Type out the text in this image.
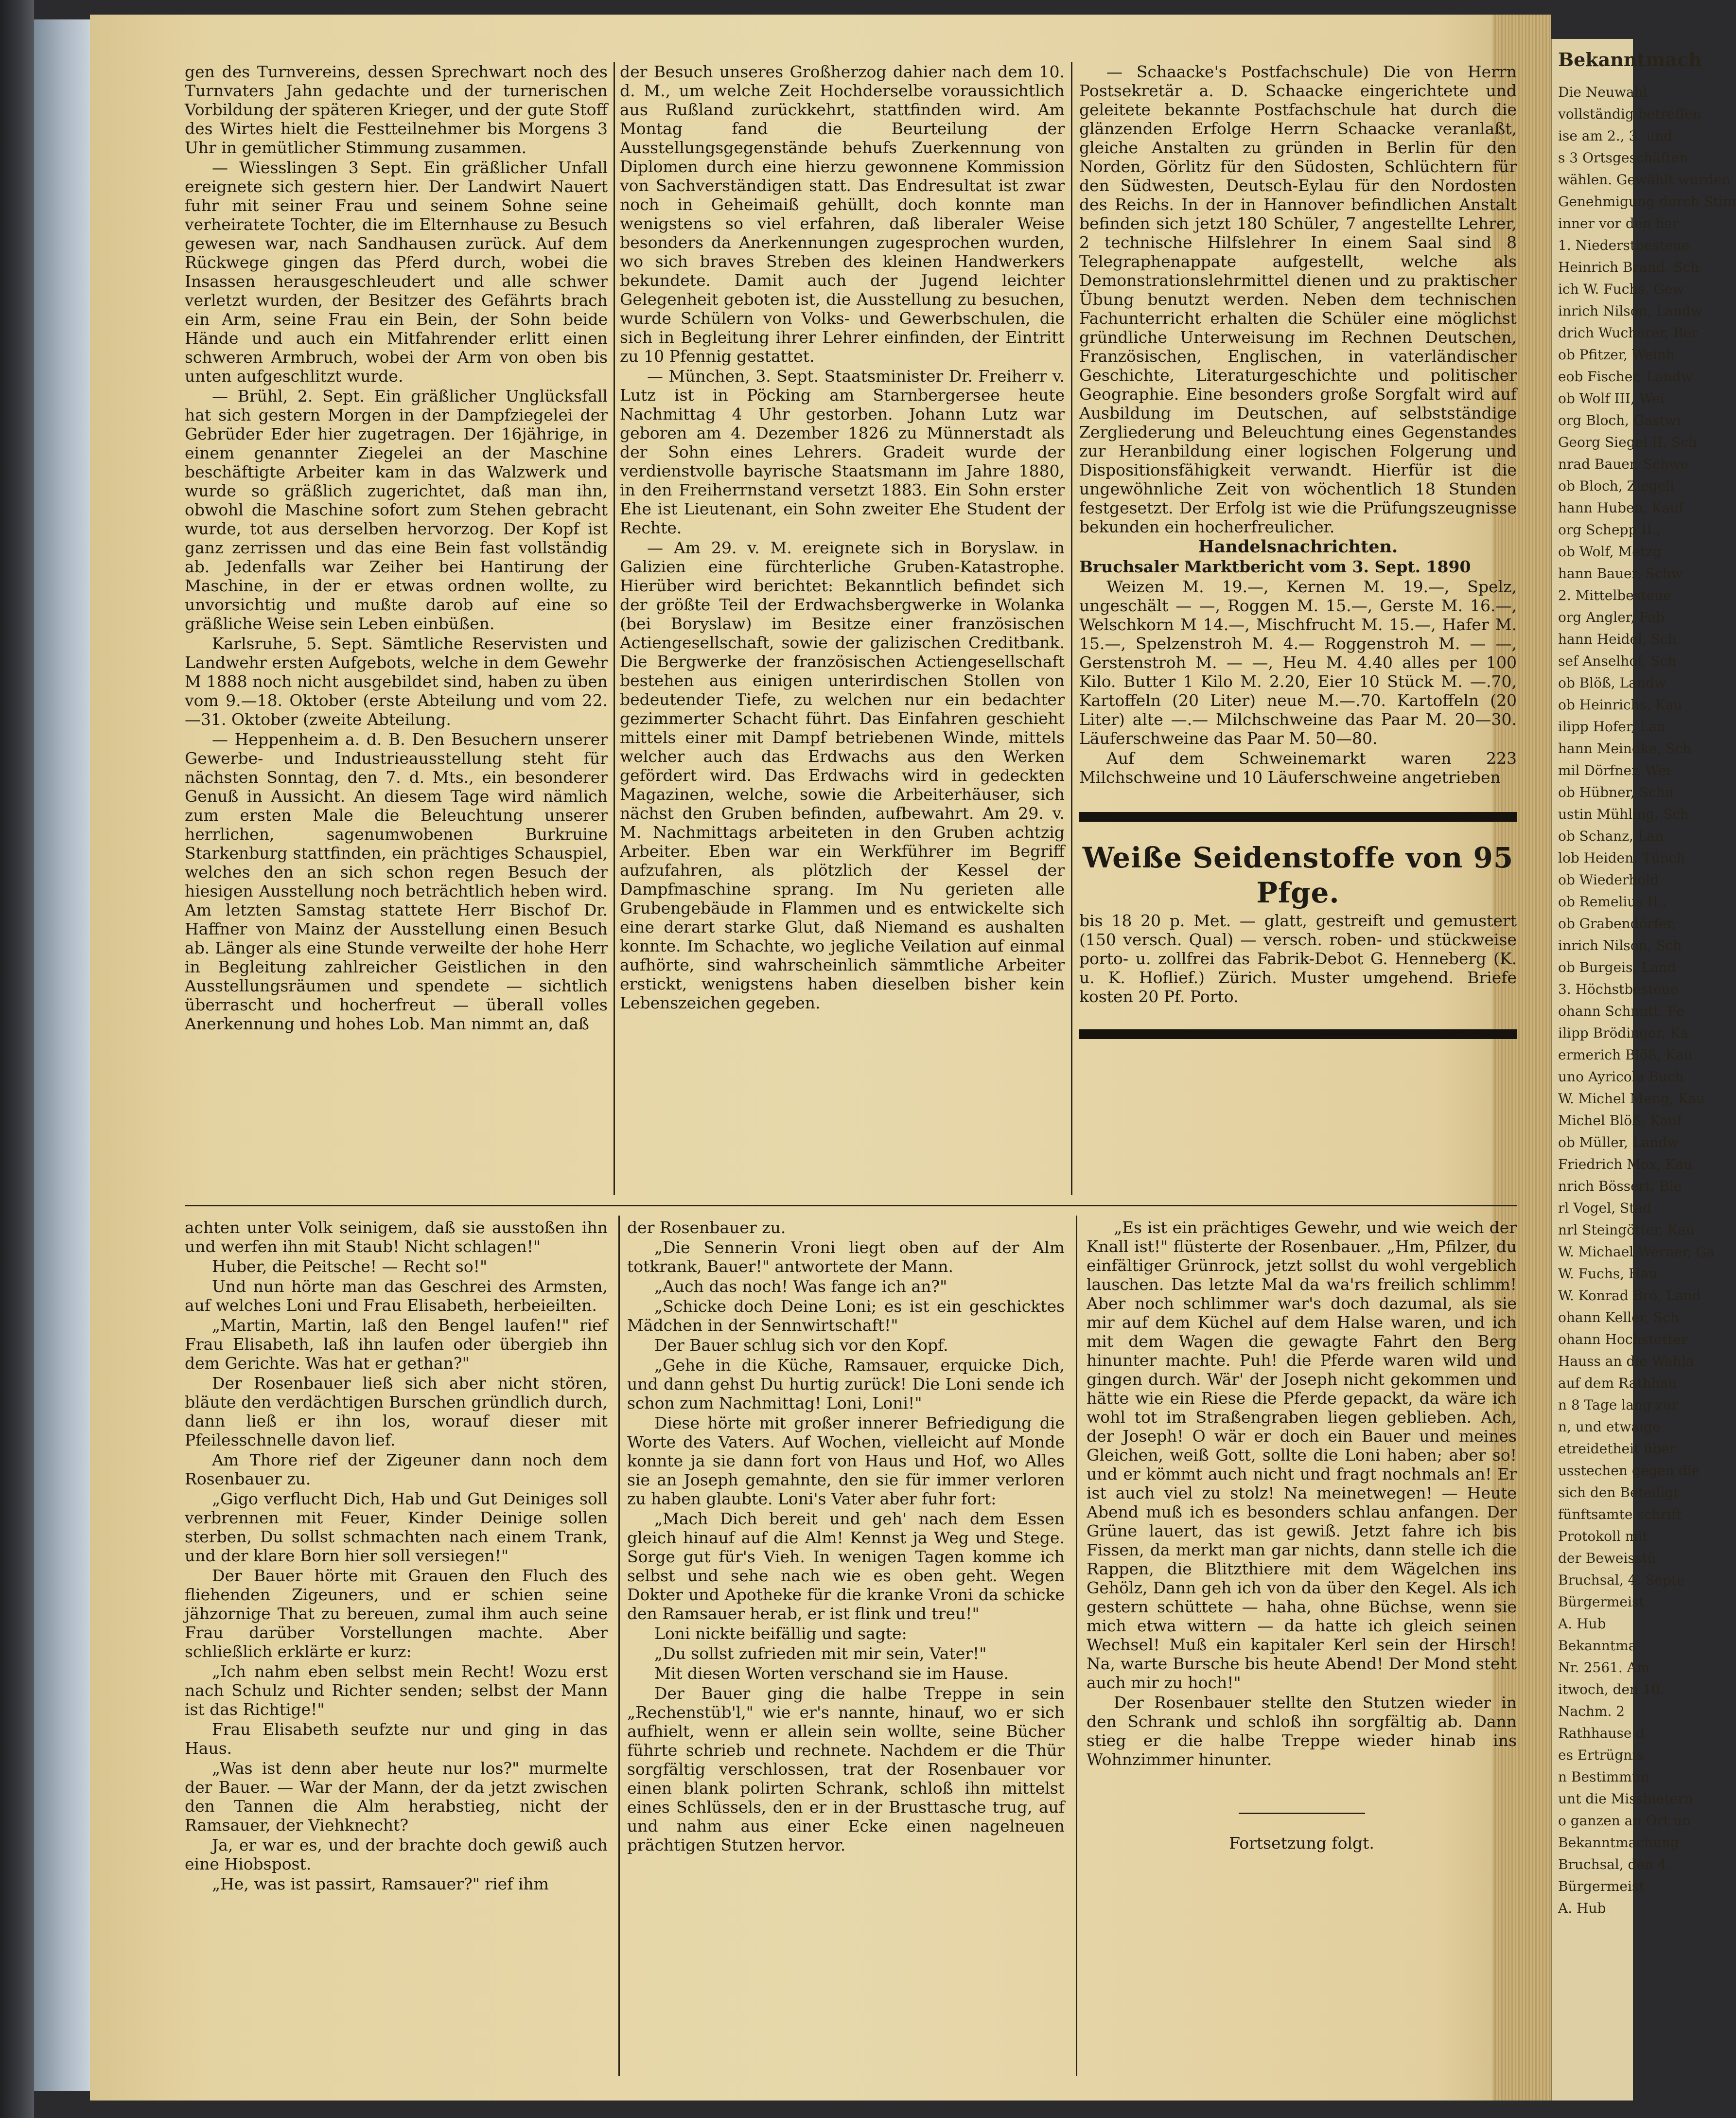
gen des Turnvereins, dessen Sprechwart noch des Turnvaters Jahn gedachte und der turnerischen Vorbildung der späteren Krieger, und der gute Stoff des Wirtes hielt die Festteilnehmer bis Morgens 3 Uhr in gemütlicher Stimmung zusammen.

— Wiesslingen 3 Sept. Ein gräßlicher Unfall ereignete sich gestern hier. Der Landwirt Nauert fuhr mit seiner Frau und seinem Sohne seine verheiratete Tochter, die im Elternhause zu Besuch gewesen war, nach Sandhausen zurück. Auf dem Rückwege gingen das Pferd durch, wobei die Insassen herausgeschleudert und alle schwer verletzt wurden, der Besitzer des Gefährts brach ein Arm, seine Frau ein Bein, der Sohn beide Hände und auch ein Mitfahrender erlitt einen schweren Armbruch, wobei der Arm von oben bis unten aufgeschlitzt wurde.

— Brühl, 2. Sept. Ein gräßlicher Unglücksfall hat sich gestern Morgen in der Dampfziegelei der Gebrüder Eder hier zugetragen. Der 16jährige, in einem genannter Ziegelei an der Maschine beschäftigte Arbeiter kam in das Walzwerk und wurde so gräßlich zugerichtet, daß man ihn, obwohl die Maschine sofort zum Stehen gebracht wurde, tot aus derselben hervorzog. Der Kopf ist ganz zerrissen und das eine Bein fast vollständig ab. Jedenfalls war Zeiher bei Hantirung der Maschine, in der er etwas ordnen wollte, zu unvorsichtig und mußte darob auf eine so gräßliche Weise sein Leben einbüßen.

Karlsruhe, 5. Sept. Sämtliche Reservisten und Landwehr ersten Aufgebots, welche in dem Gewehr M 1888 noch nicht ausgebildet sind, haben zu üben vom 9.—18. Oktober (erste Abteilung und vom 22.—31. Oktober (zweite Abteilung.

— Heppenheim a. d. B. Den Besuchern unserer Gewerbe- und Industrieausstellung steht für nächsten Sonntag, den 7. d. Mts., ein besonderer Genuß in Aussicht. An diesem Tage wird nämlich zum ersten Male die Beleuchtung unserer herrlichen, sagenumwobenen Burkruine Starkenburg stattfinden, ein prächtiges Schauspiel, welches den an sich schon regen Besuch der hiesigen Ausstellung noch beträchtlich heben wird. Am letzten Samstag stattete Herr Bischof Dr. Haffner von Mainz der Ausstellung einen Besuch ab. Länger als eine Stunde verweilte der hohe Herr in Begleitung zahlreicher Geistlichen in den Ausstellungsräumen und spendete — sichtlich überrascht und hocherfreut — überall volles Anerkennung und hohes Lob. Man nimmt an, daß

der Besuch unseres Großherzog dahier nach dem 10. d. M., um welche Zeit Hochderselbe voraussichtlich aus Rußland zurückkehrt, stattfinden wird. Am Montag fand die Beurteilung der Ausstellungsgegenstände behufs Zuerkennung von Diplomen durch eine hierzu gewonnene Kommission von Sachverständigen statt. Das Endresultat ist zwar noch in Geheimaiß gehüllt, doch konnte man wenigstens so viel erfahren, daß liberaler Weise besonders da Anerkennungen zugesprochen wurden, wo sich braves Streben des kleinen Handwerkers bekundete. Damit auch der Jugend leichter Gelegenheit geboten ist, die Ausstellung zu besuchen, wurde Schülern von Volks- und Gewerbschulen, die sich in Begleitung ihrer Lehrer einfinden, der Eintritt zu 10 Pfennig gestattet.

— München, 3. Sept. Staatsminister Dr. Freiherr v. Lutz ist in Pöcking am Starnbergersee heute Nachmittag 4 Uhr gestorben. Johann Lutz war geboren am 4. Dezember 1826 zu Münnerstadt als der Sohn eines Lehrers. Gradeit wurde der verdienstvolle bayrische Staatsmann im Jahre 1880, in den Freiherrnstand versetzt 1883. Ein Sohn erster Ehe ist Lieutenant, ein Sohn zweiter Ehe Student der Rechte.

— Am 29. v. M. ereignete sich in Boryslaw. in Galizien eine fürchterliche Gruben-Katastrophe. Hierüber wird berichtet: Bekanntlich befindet sich der größte Teil der Erdwachsbergwerke in Wolanka (bei Boryslaw) im Besitze einer französischen Actiengesellschaft, sowie der galizischen Creditbank. Die Bergwerke der französischen Actiengesellschaft bestehen aus einigen unterirdischen Stollen von bedeutender Tiefe, zu welchen nur ein bedachter gezimmerter Schacht führt. Das Einfahren geschieht mittels einer mit Dampf betriebenen Winde, mittels welcher auch das Erdwachs aus den Werken gefördert wird. Das Erdwachs wird in gedeckten Magazinen, welche, sowie die Arbeiterhäuser, sich nächst den Gruben befinden, aufbewahrt. Am 29. v. M. Nachmittags arbeiteten in den Gruben achtzig Arbeiter. Eben war ein Werkführer im Begriff aufzufahren, als plötzlich der Kessel der Dampfmaschine sprang. Im Nu gerieten alle Grubengebäude in Flammen und es entwickelte sich eine derart starke Glut, daß Niemand es aushalten konnte. Im Schachte, wo jegliche Veilation auf einmal aufhörte, sind wahrscheinlich sämmtliche Arbeiter erstickt, wenigstens haben dieselben bisher kein Lebenszeichen gegeben.

— Schaacke's Postfachschule) Die von Herrn Postsekretär a. D. Schaacke eingerichtete und geleitete bekannte Postfachschule hat durch die glänzenden Erfolge Herrn Schaacke veranlaßt, gleiche Anstalten zu gründen in Berlin für den Norden, Görlitz für den Südosten, Schlüchtern für den Südwesten, Deutsch-Eylau für den Nordosten des Reichs. In der in Hannover befindlichen Anstalt befinden sich jetzt 180 Schüler, 7 angestellte Lehrer, 2 technische Hilfslehrer In einem Saal sind 8 Telegraphenappate aufgestellt, welche als Demonstrationslehrmittel dienen und zu praktischer Übung benutzt werden. Neben dem technischen Fachunterricht erhalten die Schüler eine möglichst gründliche Unterweisung im Rechnen Deutschen, Französischen, Englischen, in vaterländischer Geschichte, Literaturgeschichte und politischer Geographie. Eine besonders große Sorgfalt wird auf Ausbildung im Deutschen, auf selbstständige Zergliederung und Beleuchtung eines Gegenstandes zur Heranbildung einer logischen Folgerung und Dispositionsfähigkeit verwandt. Hierfür ist die ungewöhnliche Zeit von wöchentlich 18 Stunden festgesetzt. Der Erfolg ist wie die Prüfungszeugnisse bekunden ein hocherfreulicher.

Handelsnachrichten.

Bruchsaler Marktbericht vom 3. Sept. 1890

Weizen M. 19.—, Kernen M. 19.—, Spelz, ungeschält — —, Roggen M. 15.—, Gerste M. 16.—, Welschkorn M 14.—, Mischfrucht M. 15.—, Hafer M. 15.—, Spelzenstroh M. 4.— Roggenstroh M. — —, Gerstenstroh M. — —, Heu M. 4.40 alles per 100 Kilo. Butter 1 Kilo M. 2.20, Eier 10 Stück M. —.70, Kartoffeln (20 Liter) neue M.—.70. Kartoffeln (20 Liter) alte —.— Milchschweine das Paar M. 20—30. Läuferschweine das Paar M. 50—80.

Auf dem Schweinemarkt waren 223 Milchschweine und 10 Läuferschweine angetrieben

Weiße Seidenstoffe von 95 Pfge.

bis 18 20 p. Met. — glatt, gestreift und gemustert (150 versch. Qual) — versch. roben- und stückweise porto- u. zollfrei das Fabrik-Debot G. Henneberg (K. u. K. Hoflief.) Zürich. Muster umgehend. Briefe kosten 20 Pf. Porto.

achten unter Volk seinigem, daß sie ausstoßen ihn und werfen ihn mit Staub! Nicht schlagen!"

Huber, die Peitsche! — Recht so!"

Und nun hörte man das Geschrei des Armsten, auf welches Loni und Frau Elisabeth, herbeieilten.

„Martin, Martin, laß den Bengel laufen!" rief Frau Elisabeth, laß ihn laufen oder übergieb ihn dem Gerichte. Was hat er gethan?"

Der Rosenbauer ließ sich aber nicht stören, bläute den verdächtigen Burschen gründlich durch, dann ließ er ihn los, worauf dieser mit Pfeilesschnelle davon lief.

Am Thore rief der Zigeuner dann noch dem Rosenbauer zu.

„Gigo verflucht Dich, Hab und Gut Deiniges soll verbrennen mit Feuer, Kinder Deinige sollen sterben, Du sollst schmachten nach einem Trank, und der klare Born hier soll versiegen!"

Der Bauer hörte mit Grauen den Fluch des fliehenden Zigeuners, und er schien seine jähzornige That zu bereuen, zumal ihm auch seine Frau darüber Vorstellungen machte. Aber schließlich erklärte er kurz:

„Ich nahm eben selbst mein Recht! Wozu erst nach Schulz und Richter senden; selbst der Mann ist das Richtige!"

Frau Elisabeth seufzte nur und ging in das Haus.

„Was ist denn aber heute nur los?" murmelte der Bauer. — War der Mann, der da jetzt zwischen den Tannen die Alm herabstieg, nicht der Ramsauer, der Viehknecht?

Ja, er war es, und der brachte doch gewiß auch eine Hiobspost.

„He, was ist passirt, Ramsauer?" rief ihm

der Rosenbauer zu.

„Die Sennerin Vroni liegt oben auf der Alm totkrank, Bauer!" antwortete der Mann.

„Auch das noch! Was fange ich an?"

„Schicke doch Deine Loni; es ist ein geschicktes Mädchen in der Sennwirtschaft!"

Der Bauer schlug sich vor den Kopf.

„Gehe in die Küche, Ramsauer, erquicke Dich, und dann gehst Du hurtig zurück! Die Loni sende ich schon zum Nachmittag! Loni, Loni!"

Diese hörte mit großer innerer Befriedigung die Worte des Vaters. Auf Wochen, vielleicht auf Monde konnte ja sie dann fort von Haus und Hof, wo Alles sie an Joseph gemahnte, den sie für immer verloren zu haben glaubte. Loni's Vater aber fuhr fort:

„Mach Dich bereit und geh' nach dem Essen gleich hinauf auf die Alm! Kennst ja Weg und Stege. Sorge gut für's Vieh. In wenigen Tagen komme ich selbst und sehe nach wie es oben geht. Wegen Dokter und Apotheke für die kranke Vroni da schicke den Ramsauer herab, er ist flink und treu!"

Loni nickte beifällig und sagte:

„Du sollst zufrieden mit mir sein, Vater!"

Mit diesen Worten verschand sie im Hause.

Der Bauer ging die halbe Treppe in sein „Rechenstüb'l," wie er's nannte, hinauf, wo er sich aufhielt, wenn er allein sein wollte, seine Bücher führte schrieb und rechnete. Nachdem er die Thür sorgfältig verschlossen, trat der Rosenbauer vor einen blank polirten Schrank, schloß ihn mittelst eines Schlüssels, den er in der Brusttasche trug, auf und nahm aus einer Ecke einen nagelneuen prächtigen Stutzen hervor.

„Es ist ein prächtiges Gewehr, und wie weich der Knall ist!" flüsterte der Rosenbauer. „Hm, Pfilzer, du einfältiger Grünrock, jetzt sollst du wohl vergeblich lauschen. Das letzte Mal da wa'rs freilich schlimm! Aber noch schlimmer war's doch dazumal, als sie mir auf dem Küchel auf dem Halse waren, und ich mit dem Wagen die gewagte Fahrt den Berg hinunter machte. Puh! die Pferde waren wild und gingen durch. Wär' der Joseph nicht gekommen und hätte wie ein Riese die Pferde gepackt, da wäre ich wohl tot im Straßengraben liegen geblieben. Ach, der Joseph! O wär er doch ein Bauer und meines Gleichen, weiß Gott, sollte die Loni haben; aber so! und er kömmt auch nicht und fragt nochmals an! Er ist auch viel zu stolz! Na meinetwegen! — Heute Abend muß ich es besonders schlau anfangen. Der Grüne lauert, das ist gewiß. Jetzt fahre ich bis Fissen, da merkt man gar nichts, dann stelle ich die Rappen, die Blitzthiere mit dem Wägelchen ins Gehölz, Dann geh ich von da über den Kegel. Als ich gestern schüttete — haha, ohne Büchse, wenn sie mich etwa wittern — da hatte ich gleich seinen Wechsel! Muß ein kapitaler Kerl sein der Hirsch! Na, warte Bursche bis heute Abend! Der Mond steht auch mir zu hoch!"

Der Rosenbauer stellte den Stutzen wieder in den Schrank und schloß ihn sorgfältig ab. Dann stieg er die halbe Treppe wieder hinab ins Wohnzimmer hinunter.

Fortsetzung folgt.

Bekanntmach
Die Neuwahl
vollständig betreffen
ise am 2., 3. und
s 3 Ortsgeschäften
wählen. Gewählt wurden
Genehmigung durch Stim
inner vor den her
1. Niederstbesteue
Heinrich Brand, Sch
ich W. Fuchs, Gew
inrich Nilson, Landw
drich Wucherer, Ber
ob Pfitzer, Weinh
eob Fischer, Landw
ob Wolf III, Wei
org Bloch, Gastwi
Georg Siegel II, Sch
nrad Bauer, Schwe
ob Bloch, Ziegeli
hann Huben, Kauf
org Schepp II.,
ob Wolf, Metzg
hann Bauer, Schw
2. Mittelbesteue
org Angler, Fab
hann Heidel, Sch
sef Anselhof, Sch
ob Blöß, Landw
ob Heinrichs, Kau
ilipp Hofer, Lan
hann Meindke, Sch
mil Dörfner, Wei
ob Hübner, Schn
ustin Mühling, Sch
ob Schanz, Lan
lob Heiden, Tünch
ob Wiederhold
ob Remelius II.,
ob Grabendörfer,
inrich Nilson, Sch
ob Burgeis, Land
3. Höchstbesteue
ohann Schmitt, Fe
ilipp Brödinger, Ka
ermerich Blöß, Kau
uno Ayricola Buch
W. Michel Meng, Kau
Michel Blöß, Kauf
ob Müller, Landw
Friedrich Mox, Kau
nrich Bössert, Bie
rl Vogel, Stad
nrl Steingötter, Kau
W. Michael Werner, Ga
W. Fuchs, Hau
W. Konrad Brö, Land
ohann Keller, Sch
ohann Hochstetter
Hauss an die Wahla
auf dem Rathhau
n 8 Tage lang zur
n, und etwaige
etreidetheit über
usstechen gegen die
sich den Beteiligt
fünftsamte schrift
Protokoll mit
der Beweisstü
Bruchsal, 4. Septe
Bürgermeist
A. Hub
Bekanntma
Nr. 2561. Am
itwoch, den 10.
Nachm. 2
Rathhause d
es Ertrügnis
n Bestimmun
unt die Missbietern
o ganzen an Ort un
Bekanntmachung
Bruchsal, den 4.
Bürgermeist
A. Hub
